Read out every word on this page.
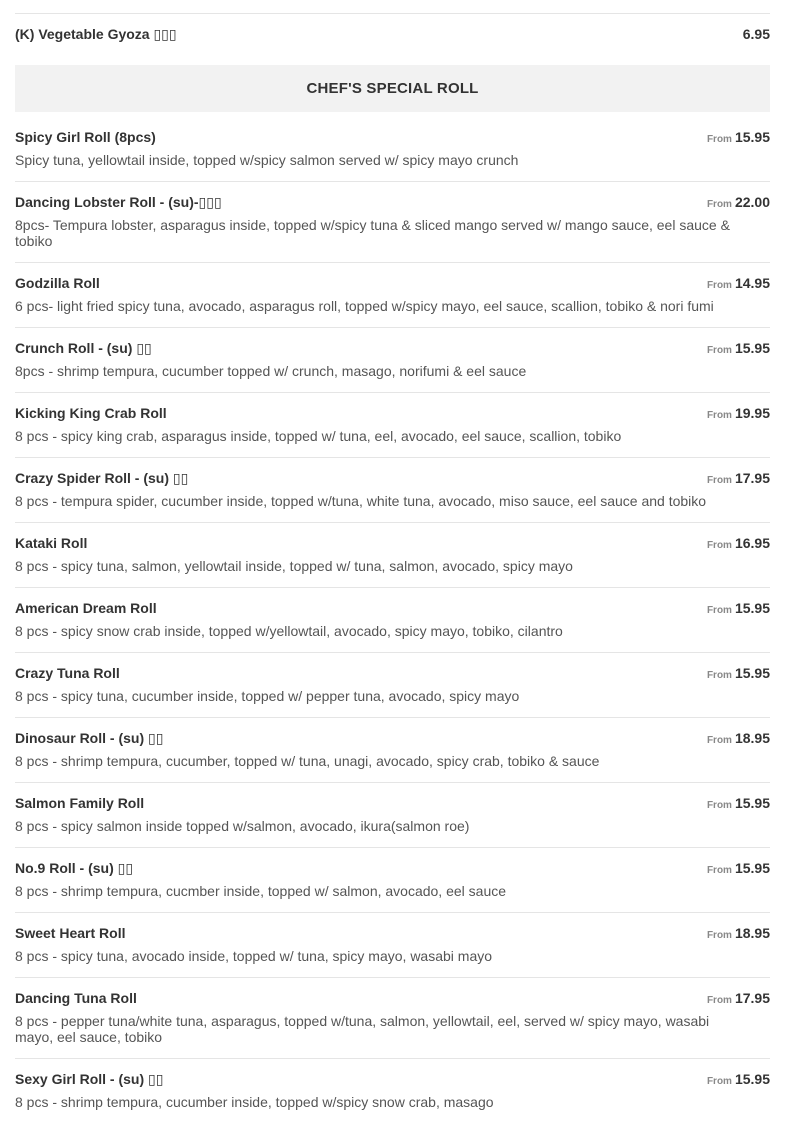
(K) Vegetable Gyoza ▯▯▯	6.95
CHEF'S SPECIAL ROLL
Spicy Girl Roll (8pcs)	From 15.95
Spicy tuna, yellowtail inside, topped w/spicy salmon served w/ spicy mayo crunch
Dancing Lobster Roll - (su)-▯▯▯	From 22.00
8pcs- Tempura lobster, asparagus inside, topped w/spicy tuna & sliced mango served w/ mango sauce, eel sauce & tobiko
Godzilla Roll	From 14.95
6 pcs- light fried spicy tuna, avocado, asparagus roll, topped w/spicy mayo, eel sauce, scallion, tobiko & nori fumi
Crunch Roll - (su) ▯▯	From 15.95
8pcs - shrimp tempura, cucumber topped w/ crunch, masago, norifumi & eel sauce
Kicking King Crab Roll	From 19.95
8 pcs - spicy king crab, asparagus inside, topped w/ tuna, eel, avocado, eel sauce, scallion, tobiko
Crazy Spider Roll - (su) ▯▯	From 17.95
8 pcs - tempura spider, cucumber inside, topped w/tuna, white tuna, avocado, miso sauce, eel sauce and tobiko
Kataki Roll	From 16.95
8 pcs - spicy tuna, salmon, yellowtail inside, topped w/ tuna, salmon, avocado, spicy mayo
American Dream Roll	From 15.95
8 pcs - spicy snow crab inside, topped w/yellowtail, avocado, spicy mayo, tobiko, cilantro
Crazy Tuna Roll	From 15.95
8 pcs - spicy tuna, cucumber inside, topped w/ pepper tuna, avocado, spicy mayo
Dinosaur Roll - (su) ▯▯	From 18.95
8 pcs - shrimp tempura, cucumber, topped w/ tuna, unagi, avocado, spicy crab, tobiko & sauce
Salmon Family Roll	From 15.95
8 pcs - spicy salmon inside topped w/salmon, avocado, ikura(salmon roe)
No.9 Roll - (su) ▯▯	From 15.95
8 pcs - shrimp tempura, cucmber inside, topped w/ salmon, avocado, eel sauce
Sweet Heart Roll	From 18.95
8 pcs - spicy tuna, avocado inside, topped w/ tuna, spicy mayo, wasabi mayo
Dancing Tuna Roll	From 17.95
8 pcs - pepper tuna/white tuna, asparagus, topped w/tuna, salmon, yellowtail, eel, served w/ spicy mayo, wasabi mayo, eel sauce, tobiko
Sexy Girl Roll - (su) ▯▯	From 15.95
8 pcs - shrimp tempura, cucumber inside, topped w/spicy snow crab, masago
